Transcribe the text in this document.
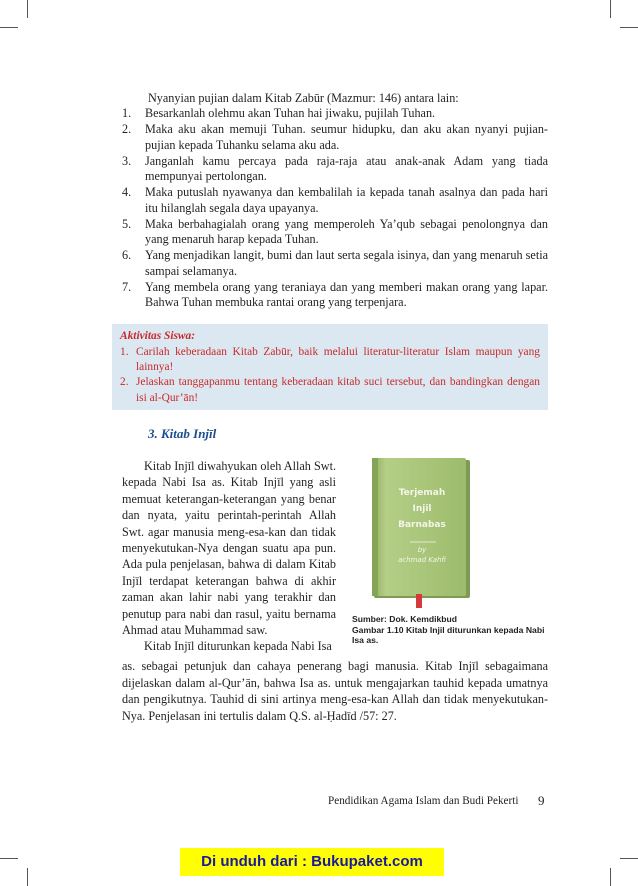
Nyanyian pujian dalam Kitab Zabūr (Mazmur: 146) antara lain:
1. Besarkanlah olehmu akan Tuhan hai jiwaku, pujilah Tuhan.
2. Maka aku akan memuji Tuhan. seumur hidupku, dan aku akan nyanyi pujian-pujian kepada Tuhanku selama aku ada.
3. Janganlah kamu percaya pada raja-raja atau anak-anak Adam yang tiada mempunyai pertolongan.
4. Maka putuslah nyawanya dan kembalilah ia kepada tanah asalnya dan pada hari itu hilanglah segala daya upayanya.
5. Maka berbahagialah orang yang memperoleh Ya’qub sebagai penolongnya dan yang menaruh harap kepada Tuhan.
6. Yang menjadikan langit, bumi dan laut serta segala isinya, dan yang menaruh setia sampai selamanya.
7. Yang membela orang yang teraniaya dan yang memberi makan orang yang lapar. Bahwa Tuhan membuka rantai orang yang terpenjara.
Aktivitas Siswa:
1. Carilah keberadaan Kitab Zabūr, baik melalui literatur-literatur Islam maupun yang lainnya!
2. Jelaskan tanggapanmu tentang keberadaan kitab suci tersebut, dan bandingkan dengan isi al-Qur’ān!
3. Kitab Injīl

Kitab Injīl diwahyukan oleh Allah Swt. kepada Nabi Isa as. Kitab Injīl yang asli memuat keterangan-keterangan yang benar dan nyata, yaitu perintah-perintah Allah Swt. agar manusia meng-esa-kan dan tidak menyekutukan-Nya dengan suatu apa pun. Ada pula penjelasan, bahwa di dalam Kitab Injīl terdapat keterangan bahwa di akhir zaman akan lahir nabi yang terakhir dan penutup para nabi dan rasul, yaitu bernama Ahmad atau Muhammad saw.

Kitab Injīl diturunkan kepada Nabi Isa

Terjemah
Injil
Barnabas
by
achmad Kahfi
Sumber: Dok. Kemdikbud
Gambar 1.10 Kitab Injil diturunkan kepada Nabi Isa as.
as. sebagai petunjuk dan cahaya penerang bagi manusia. Kitab Injīl sebagaimana dijelaskan dalam al-Qur’ān, bahwa Isa as. untuk mengajarkan tauhid kepada umatnya dan pengikutnya. Tauhid di sini artinya meng-esa-kan Allah dan tidak menyekutukan-Nya. Penjelasan ini tertulis dalam Q.S. al-Ḥadīd /57: 27.
Pendidikan Agama Islam dan Budi Pekerti 9
Di unduh dari : Bukupaket.com
